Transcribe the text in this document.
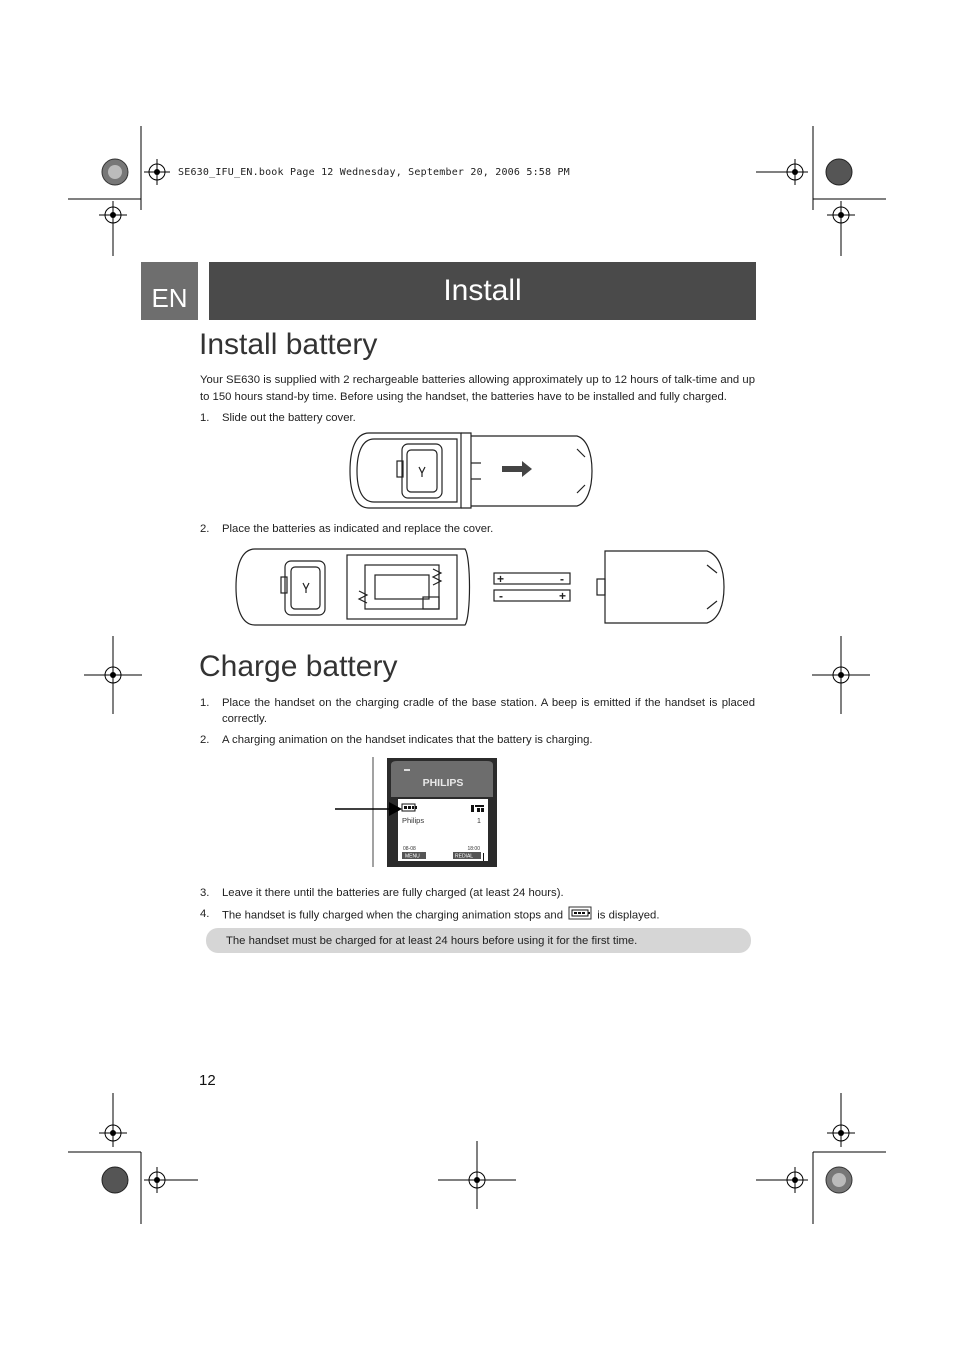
SE630_IFU_EN.book Page 12 Wednesday, September 20, 2006 5:58 PM
EN	Install
Install battery
Your SE630 is supplied with 2 rechargeable batteries allowing approximately up to 12 hours of talk-time and up to 150 hours stand-by time. Before using the handset, the batteries have to be installed and fully charged.
1.	Slide out the battery cover.
2.	Place the batteries as indicated and replace the cover.
+	-
-	+
Charge battery
1.	Place the handset on the charging cradle of the base station. A beep is emitted if the handset is placed correctly.
2.	A charging animation on the handset indicates that the battery is charging.
PHILIPS
Philips	1
08-08	18:00
MENU	REDIAL
3.	Leave it there until the batteries are fully charged (at least 24 hours).
4.	The handset is fully charged when the charging animation stops and	is displayed.
The handset must be charged for at least 24 hours before using it for the first time.
12
